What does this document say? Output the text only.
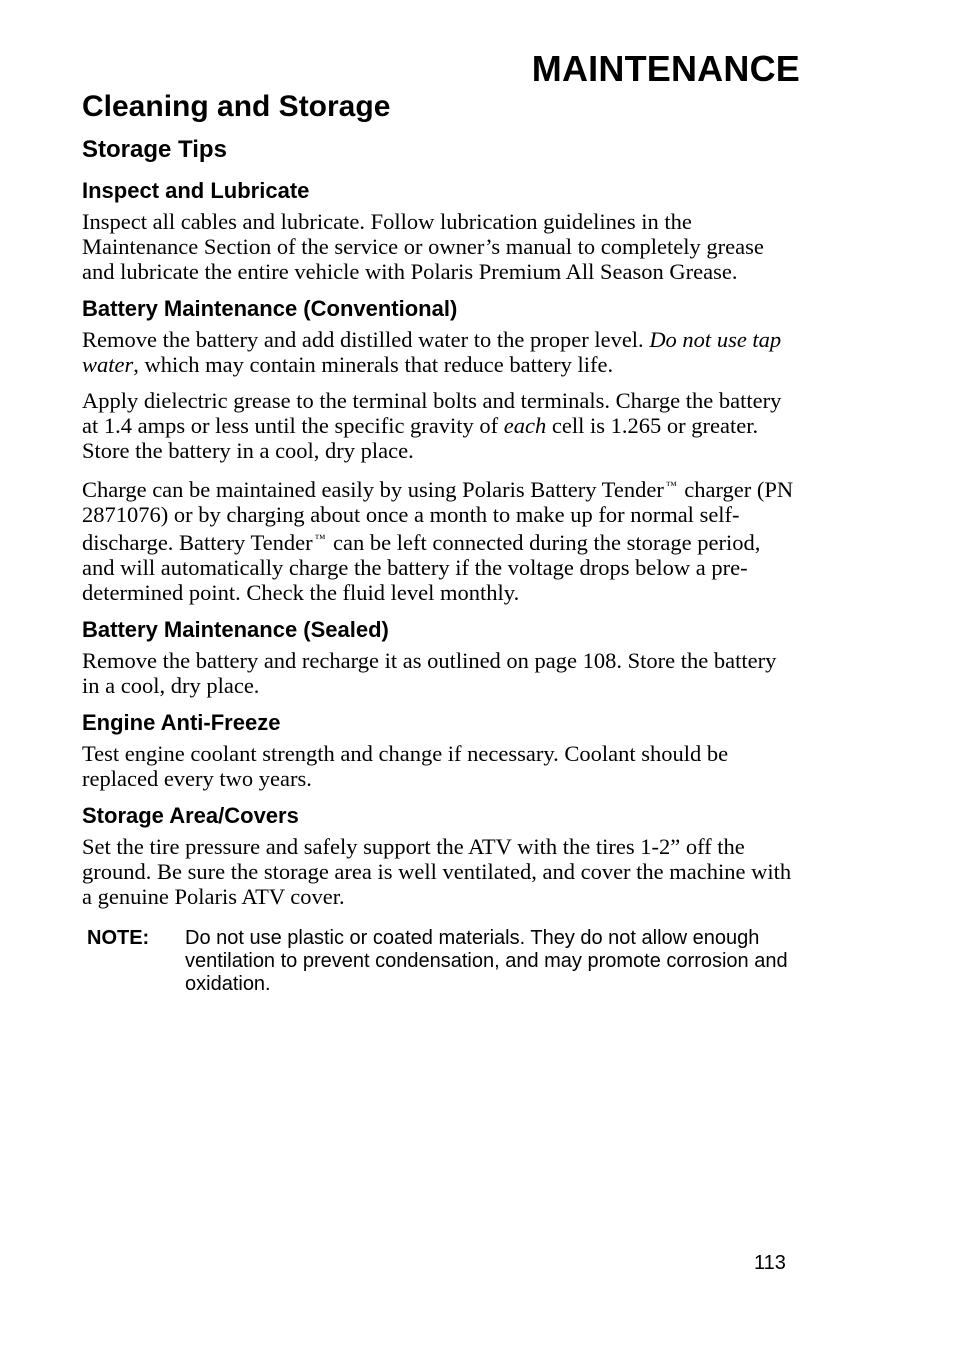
MAINTENANCE
Cleaning and Storage
Storage Tips
Inspect and Lubricate

Inspect all cables and lubricate. Follow lubrication guidelines in the Maintenance Section of the service or owner’s manual to completely grease and lubricate the entire vehicle with Polaris Premium All Season Grease.

Battery Maintenance (Conventional)

Remove the battery and add distilled water to the proper level. Do not use tap water, which may contain minerals that reduce battery life.

Apply dielectric grease to the terminal bolts and terminals. Charge the battery at 1.4 amps or less until the specific gravity of each cell is 1.265 or greater. Store the battery in a cool, dry place.

Charge can be maintained easily by using Polaris Battery Tender ™ charger (PN 2871076) or by charging about once a month to make up for normal self-discharge. Battery Tender ™ can be left connected during the storage period, and will automatically charge the battery if the voltage drops below a pre-determined point. Check the fluid level monthly.

Battery Maintenance (Sealed)

Remove the battery and recharge it as outlined on page 108. Store the battery in a cool, dry place.

Engine Anti-Freeze

Test engine coolant strength and change if necessary. Coolant should be replaced every two years.

Storage Area/Covers

Set the tire pressure and safely support the ATV with the tires 1-2” off the ground. Be sure the storage area is well ventilated, and cover the machine with a genuine Polaris ATV cover.

NOTE:	Do not use plastic or coated materials. They do not allow enough ventilation to prevent condensation, and may promote corrosion and oxidation.
113
